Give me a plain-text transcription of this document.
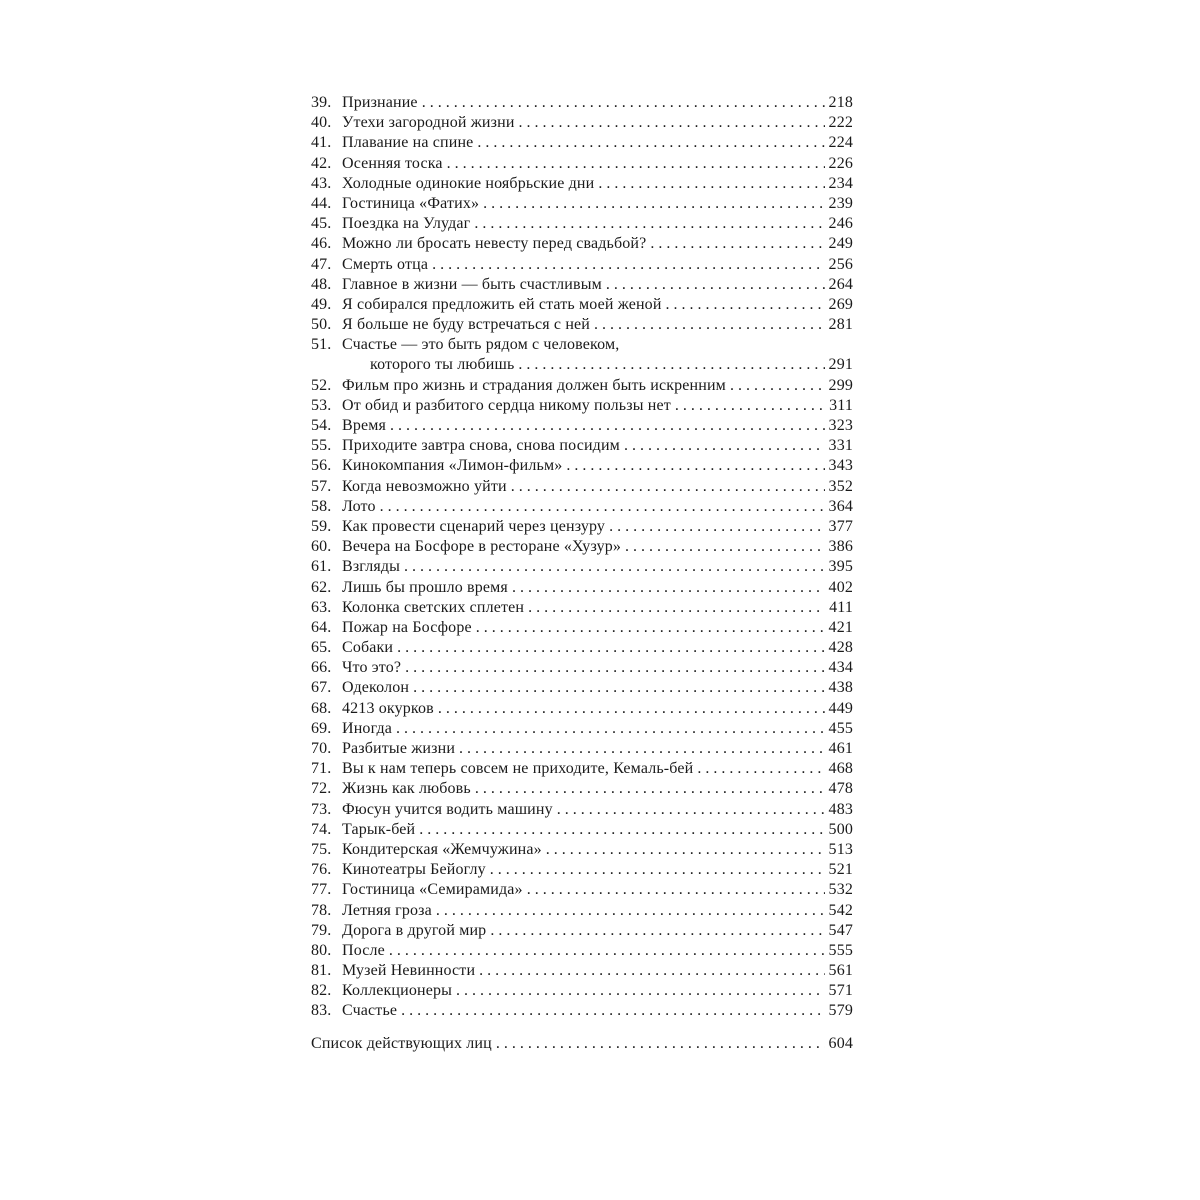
39. Признание . . .	218
40. Утехи загородной жизни . . .	222
41. Плавание на спине . . .	224
42. Осенняя тоска . . .	226
43. Холодные одинокие ноябрьские дни . . .	234
44. Гостиница «Фатих» . . .	239
45. Поездка на Улудаг . . .	246
46. Можно ли бросать невесту перед свадьбой? . . .	249
47. Смерть отца . . .	256
48. Главное в жизни — быть счастливым . . .	264
49. Я собирался предложить ей стать моей женой . . .	269
50. Я больше не буду встречаться с ней . . .	281
51. Счастье — это быть рядом с человеком,
которого ты любишь . . .	291
52. Фильм про жизнь и страдания должен быть искренним . . .	299
53. От обид и разбитого сердца никому пользы нет . . .	311
54. Время . . .	323
55. Приходите завтра снова, снова посидим . . .	331
56. Кинокомпания «Лимон-фильм» . . .	343
57. Когда невозможно уйти . . .	352
58. Лото . . .	364
59. Как провести сценарий через цензуру . . .	377
60. Вечера на Босфоре в ресторане «Хузур» . . .	386
61. Взгляды . . .	395
62. Лишь бы прошло время . . .	402
63. Колонка светских сплетен . . .	411
64. Пожар на Босфоре . . .	421
65. Собаки . . .	428
66. Что это? . . .	434
67. Одеколон . . .	438
68. 4213 окурков . . .	449
69. Иногда . . .	455
70. Разбитые жизни . . .	461
71. Вы к нам теперь совсем не приходите, Кемаль-бей . . .	468
72. Жизнь как любовь . . .	478
73. Фюсун учится водить машину . . .	483
74. Тарык-бей . . .	500
75. Кондитерская «Жемчужина» . . .	513
76. Кинотеатры Бейоглу . . .	521
77. Гостиница «Семирамида» . . .	532
78. Летняя гроза . . .	542
79. Дорога в другой мир . . .	547
80. После . . .	555
81. Музей Невинности . . .	561
82. Коллекционеры . . .	571
83. Счастье . . .	579
Список действующих лиц . . .	604
